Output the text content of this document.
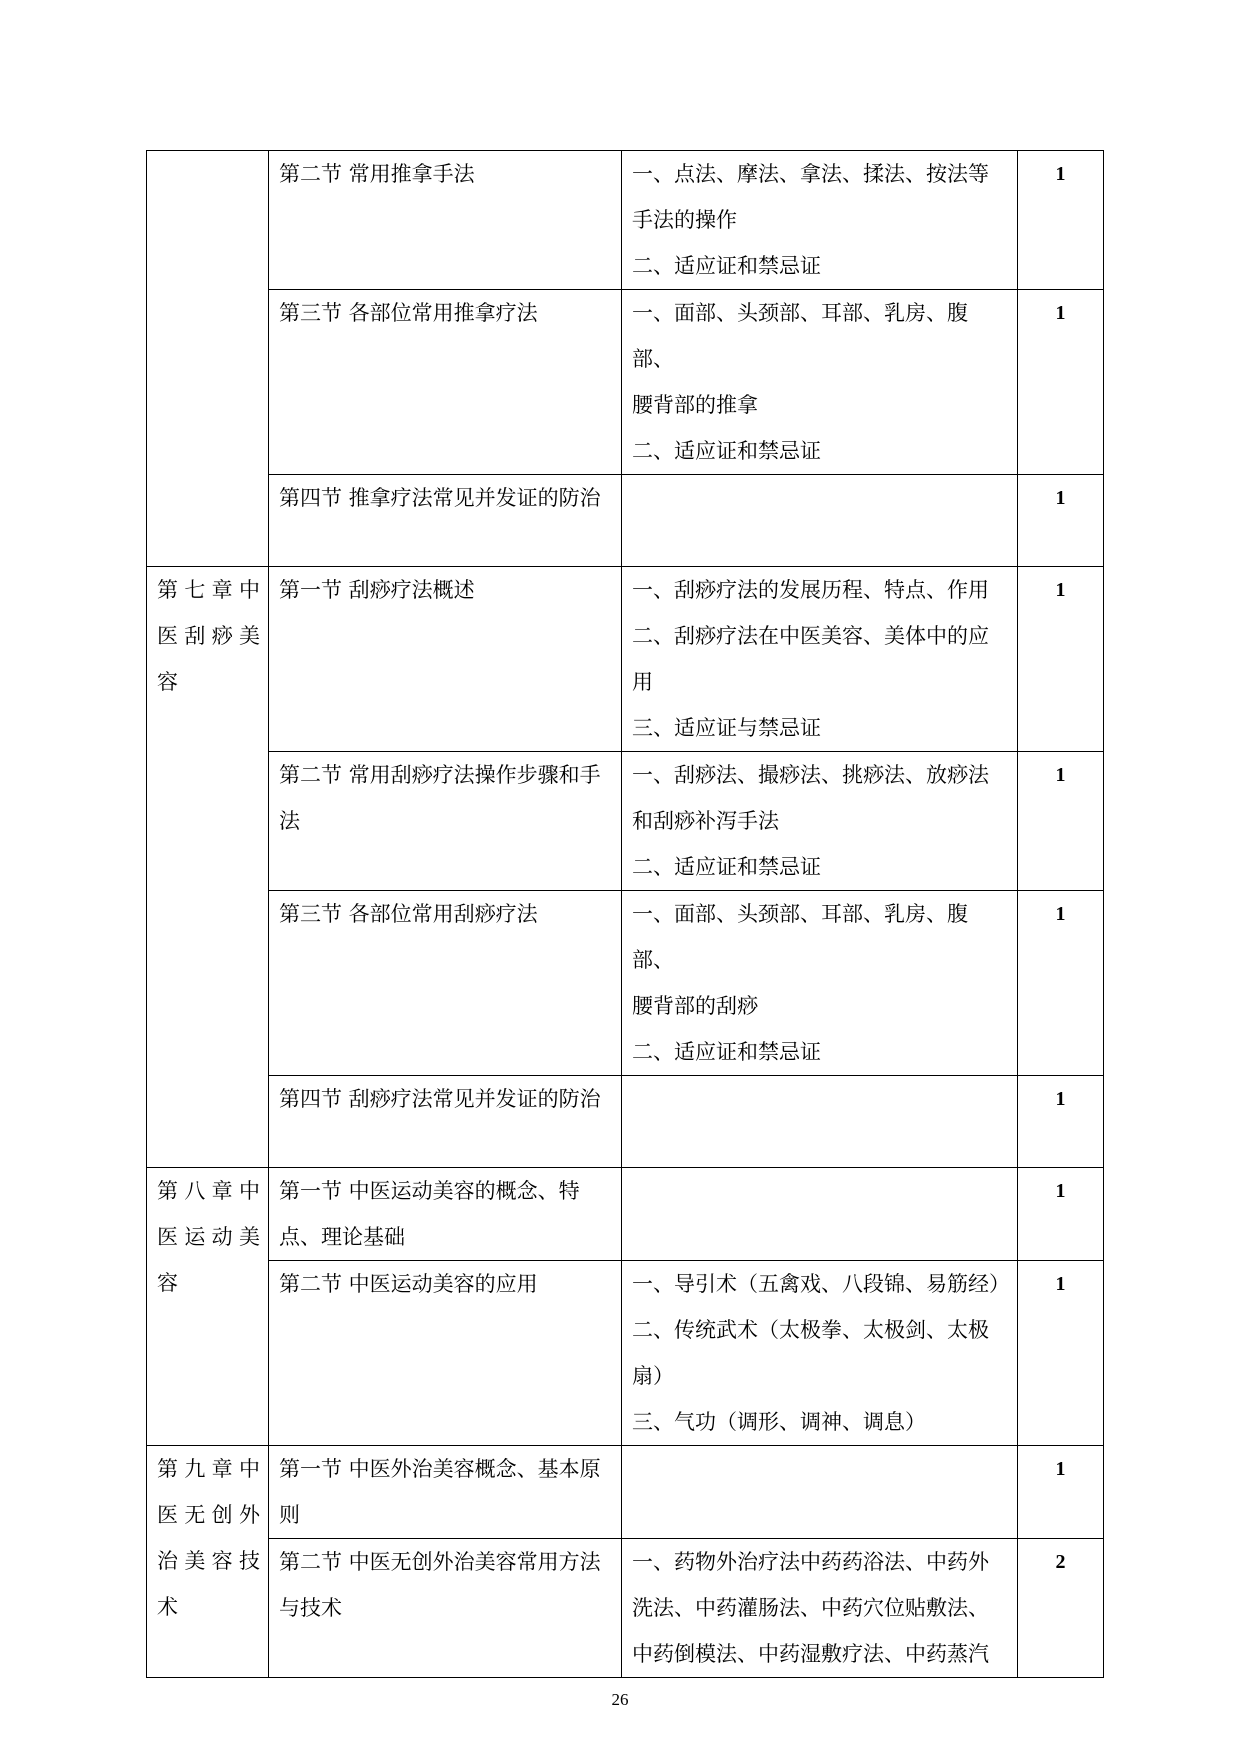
	第二节 常用推拿手法	一、点法、摩法、拿法、揉法、按法等
手法的操作
二、适应证和禁忌证	1
	第三节 各部位常用推拿疗法	一、面部、头颈部、耳部、乳房、腹部、
腰背部的推拿
二、适应证和禁忌证	1
	第四节 推拿疗法常见并发证的防治		1

第七章中医刮痧美容	第一节 刮痧疗法概述	一、刮痧疗法的发展历程、特点、作用
二、刮痧疗法在中医美容、美体中的应
用
三、适应证与禁忌证	1
	第二节 常用刮痧疗法操作步骤和手法	一、刮痧法、撮痧法、挑痧法、放痧法
和刮痧补泻手法
二、适应证和禁忌证	1
	第三节 各部位常用刮痧疗法	一、面部、头颈部、耳部、乳房、腹部、
腰背部的刮痧
二、适应证和禁忌证	1
	第四节 刮痧疗法常见并发证的防治		1

第八章中医运动美容	第一节 中医运动美容的概念、特点、理论基础		1
	第二节 中医运动美容的应用	一、导引术（五禽戏、八段锦、易筋经）
二、传统武术（太极拳、太极剑、太极
扇）
三、气功（调形、调神、调息）	1

第九章中医无创外治美容技术	第一节 中医外治美容概念、基本原则		1
	第二节 中医无创外治美容常用方法与技术	一、药物外治疗法中药药浴法、中药外
洗法、中药灌肠法、中药穴位贴敷法、
中药倒模法、中药湿敷疗法、中药蒸汽	2
26
